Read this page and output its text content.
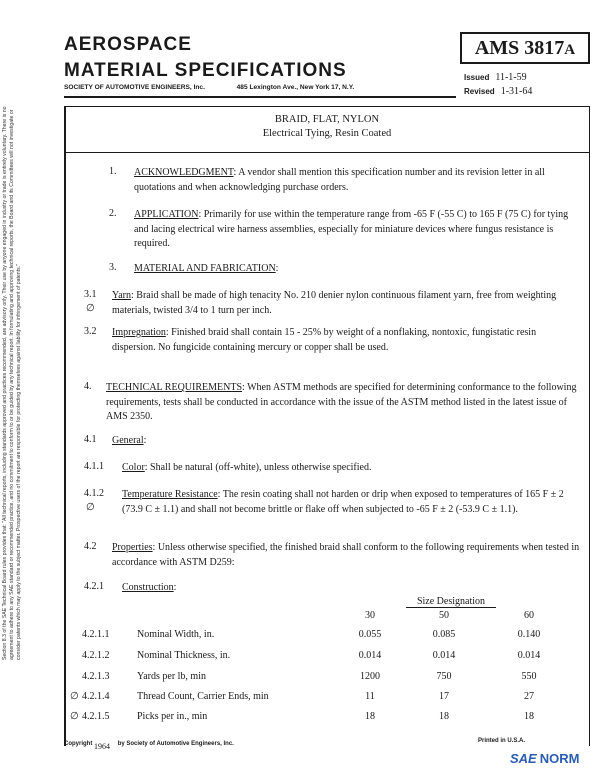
AEROSPACE
MATERIAL SPECIFICATIONS
SOCIETY OF AUTOMOTIVE ENGINEERS, Inc.	485 Lexington Ave., New York 17, N.Y.
AMS 3817A
Issued 11-1-59
Revised 1-31-64
BRAID, FLAT, NYLON
Electrical Tying, Resin Coated
Section 8.3 of the SAE Technical Board rules provides that: "All technical reports, including standards approved and practices recommended, are advisory only. Their use by anyone engaged in industry or trade is entirely voluntary. There is no agreement to adhere to any SAE standard or recommended practice, and no commitment to conform to or be guided by any technical report. In formulating and approving technical reports, the Board and its Committees will not investigate or consider patents which may apply to the subject matter. Prospective users of the report are responsible for protecting themselves against liability for infringement of patents."
1. ACKNOWLEDGMENT: A vendor shall mention this specification number and its revision letter in all quotations and when acknowledging purchase orders.
2. APPLICATION: Primarily for use within the temperature range from -65 F (-55 C) to 165 F (75 C) for tying and lacing electrical wire harness assemblies, especially for miniature devices where fungus resistance is required.
3. MATERIAL AND FABRICATION:
3.1
∅
Yarn: Braid shall be made of high tenacity No. 210 denier nylon continuous filament yarn, free from weighting materials, twisted 3/4 to 1 turn per inch.
3.2 Impregnation: Finished braid shall contain 15 - 25% by weight of a nonflaking, nontoxic, fungistatic resin dispersion. No fungicide containing mercury or copper shall be used.
4. TECHNICAL REQUIREMENTS: When ASTM methods are specified for determining conformance to the following requirements, tests shall be conducted in accordance with the issue of the ASTM method listed in the latest issue of AMS 2350.
4.1 General:
4.1.1 Color: Shall be natural (off-white), unless otherwise specified.
4.1.2
∅
Temperature Resistance: The resin coating shall not harden or drip when exposed to temperatures of 165 F ± 2 (73.9 C ± 1.1) and shall not become brittle or flake off when subjected to -65 F ± 2 (-53.9 C ± 1.1).
4.2 Properties: Unless otherwise specified, the finished braid shall conform to the following requirements when tested in accordance with ASTM D259:
4.2.1 Construction:
Size Designation
30	50	60
4.2.1.1	Nominal Width, in.	0.055	0.085	0.140
4.2.1.2	Nominal Thickness, in.	0.014	0.014	0.014
4.2.1.3	Yards per lb, min	1200	750	550
∅ 4.2.1.4	Thread Count, Carrier Ends, min	11	17	27
∅ 4.2.1.5	Picks per in., min	18	18	18
Copyright 1964 by Society of Automotive Engineers, Inc.	Printed in U.S.A.
SAE NORM
